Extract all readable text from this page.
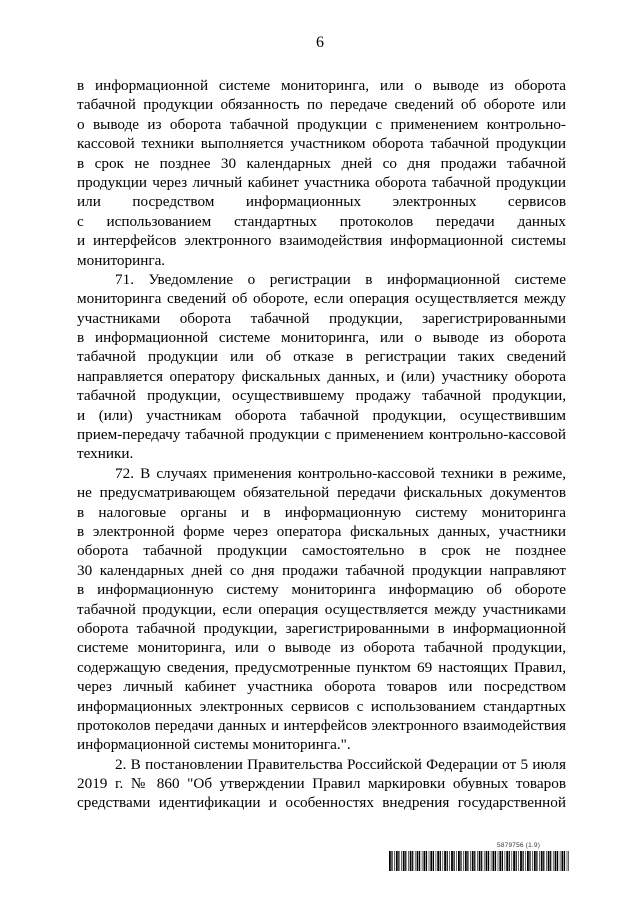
6
в информационной системе мониторинга, или о выводе из оборота
табачной продукции обязанность по передаче сведений об обороте или
о выводе из оборота табачной продукции с применением контрольно-
кассовой техники выполняется участником оборота табачной продукции
в срок не позднее 30 календарных дней со дня продажи табачной
продукции через личный кабинет участника оборота табачной продукции
или посредством информационных электронных сервисов
с использованием стандартных протоколов передачи данных
и интерфейсов электронного взаимодействия информационной системы
мониторинга.
71. Уведомление о регистрации в информационной системе
мониторинга сведений об обороте, если операция осуществляется между
участниками оборота табачной продукции, зарегистрированными
в информационной системе мониторинга, или о выводе из оборота
табачной продукции или об отказе в регистрации таких сведений
направляется оператору фискальных данных, и (или) участнику оборота
табачной продукции, осуществившему продажу табачной продукции,
и (или) участникам оборота табачной продукции, осуществившим
прием-передачу табачной продукции с применением контрольно-кассовой
техники.
72. В случаях применения контрольно-кассовой техники в режиме,
не предусматривающем обязательной передачи фискальных документов
в налоговые органы и в информационную систему мониторинга
в электронной форме через оператора фискальных данных, участники
оборота табачной продукции самостоятельно в срок не позднее
30 календарных дней со дня продажи табачной продукции направляют
в информационную систему мониторинга информацию об обороте
табачной продукции, если операция осуществляется между участниками
оборота табачной продукции, зарегистрированными в информационной
системе мониторинга, или о выводе из оборота табачной продукции,
содержащую сведения, предусмотренные пунктом 69 настоящих Правил,
через личный кабинет участника оборота товаров или посредством
информационных электронных сервисов с использованием стандартных
протоколов передачи данных и интерфейсов электронного взаимодействия
информационной системы мониторинга.".
2. В постановлении Правительства Российской Федерации от 5 июля
2019 г. № 860 "Об утверждении Правил маркировки обувных товаров
средствами идентификации и особенностях внедрения государственной
5879756 (1.9)
